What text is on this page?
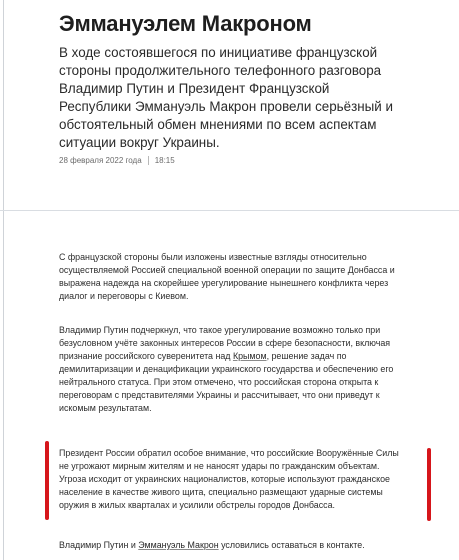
Эммануэлем Макроном

В ходе состоявшегося по инициативе французской стороны продолжительного телефонного разговора Владимир Путин и Президент Французской Республики Эммануэль Макрон провели серьёзный и обстоятельный обмен мнениями по всем аспектам ситуации вокруг Украины.

28 февраля 2022 года 18:15

С французской стороны были изложены известные взгляды относительно осуществляемой Россией специальной военной операции по защите Донбасса и выражена надежда на скорейшее урегулирование нынешнего конфликта через диалог и переговоры с Киевом.

Владимир Путин подчеркнул, что такое урегулирование возможно только при безусловном учёте законных интересов России в сфере безопасности, включая признание российского суверенитета над Крымом, решение задач по демилитаризации и денацификации украинского государства и обеспечению его нейтрального статуса. При этом отмечено, что российская сторона открыта к переговорам с представителями Украины и рассчитывает, что они приведут к искомым результатам.

Президент России обратил особое внимание, что российские Вооружённые Силы не угрожают мирным жителям и не наносят удары по гражданским объектам. Угроза исходит от украинских националистов, которые используют гражданское население в качестве живого щита, специально размещают ударные системы оружия в жилых кварталах и усилили обстрелы городов Донбасса.

Владимир Путин и Эммануэль Макрон условились оставаться в контакте.
